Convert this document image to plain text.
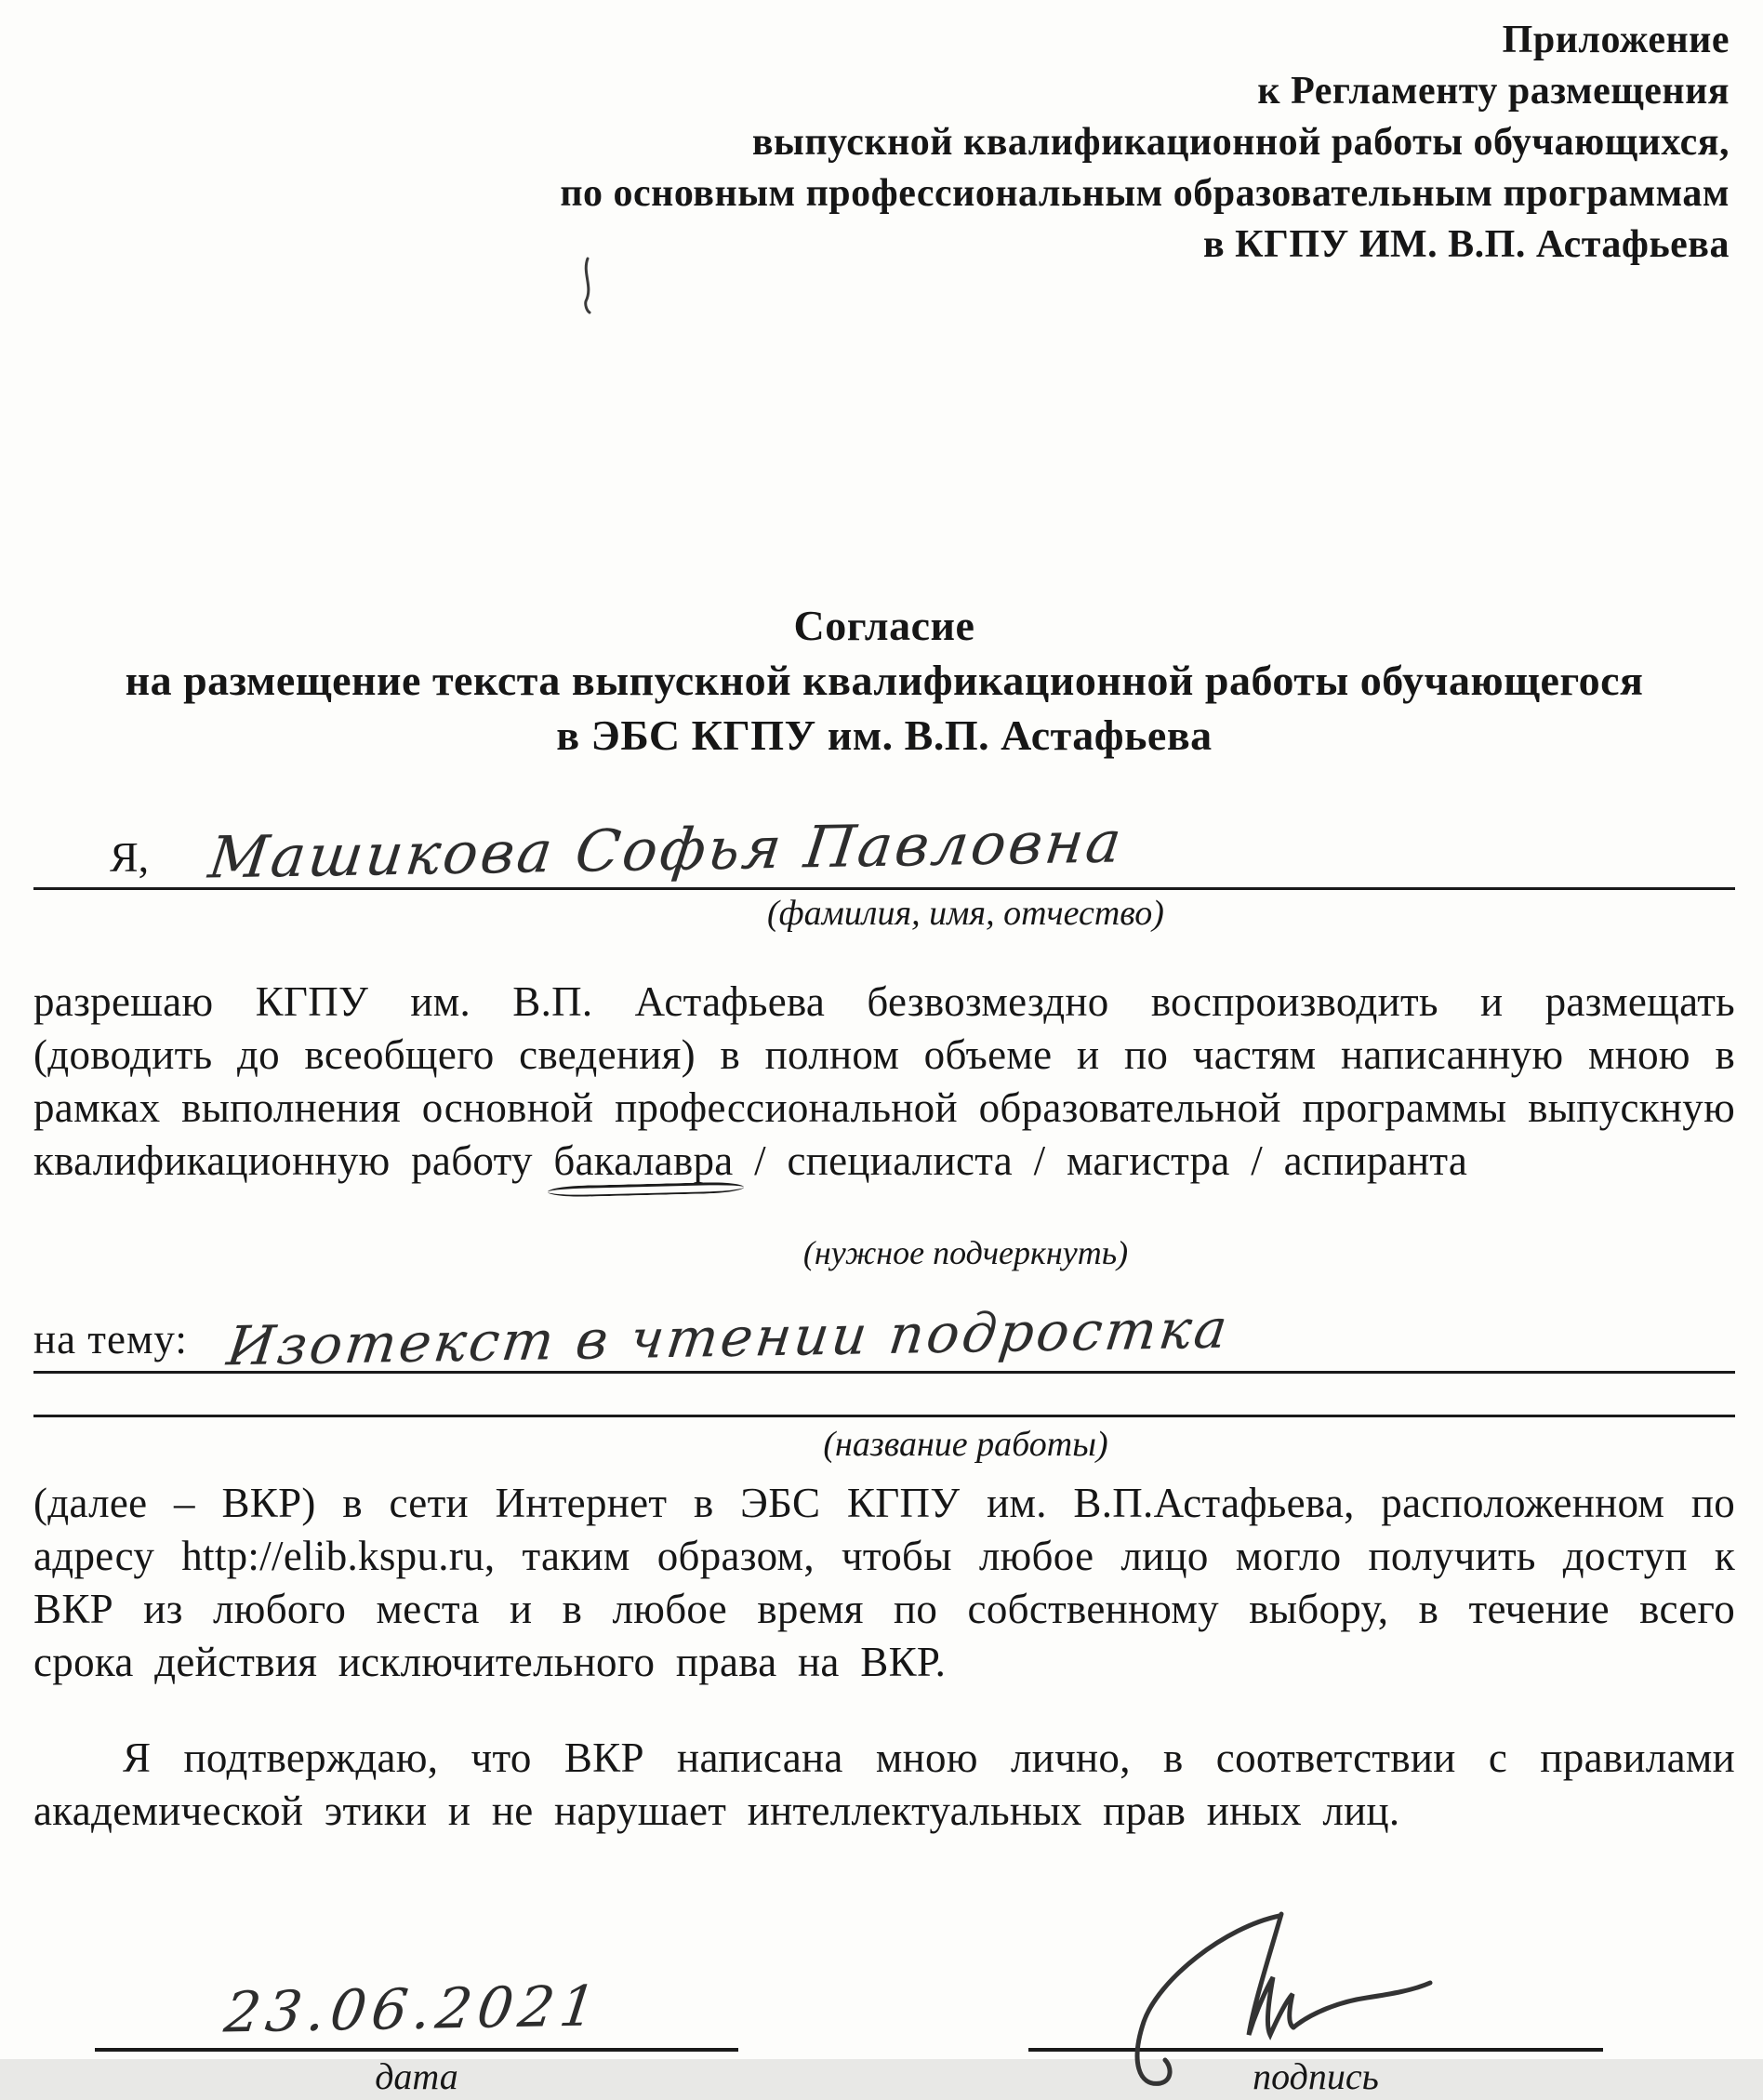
Приложение
к Регламенту размещения
выпускной квалификационной работы обучающихся,
по основным профессиональным образовательным программам
в КГПУ ИМ. В.П. Астафьева
Согласие
на размещение текста выпускной квалификационной работы обучающегося
в ЭБС КГПУ им. В.П. Астафьева
Я, Машикова Софья Павловна
(фамилия, имя, отчество)

разрешаю КГПУ им. В.П. Астафьева безвозмездно воспроизводить и размещать (доводить до всеобщего сведения) в полном объеме и по частям написанную мною в рамках выполнения основной профессиональной образовательной программы выпускную квалификационную работу бакалавра / специалиста / магистра / аспиранта

(нужное подчеркнуть)
на тему: Изотекст в чтении подростка
(название работы)

(далее – ВКР) в сети Интернет в ЭБС КГПУ им. В.П.Астафьева, расположенном по адресу http://elib.kspu.ru, таким образом, чтобы любое лицо могло получить доступ к ВКР из любого места и в любое время по собственному выбору, в течение всего срока действия исключительного права на ВКР.

Я подтверждаю, что ВКР написана мною лично, в соответствии с правилами академической этики и не нарушает интеллектуальных прав иных лиц.

23.06.2021
дата	подпись
